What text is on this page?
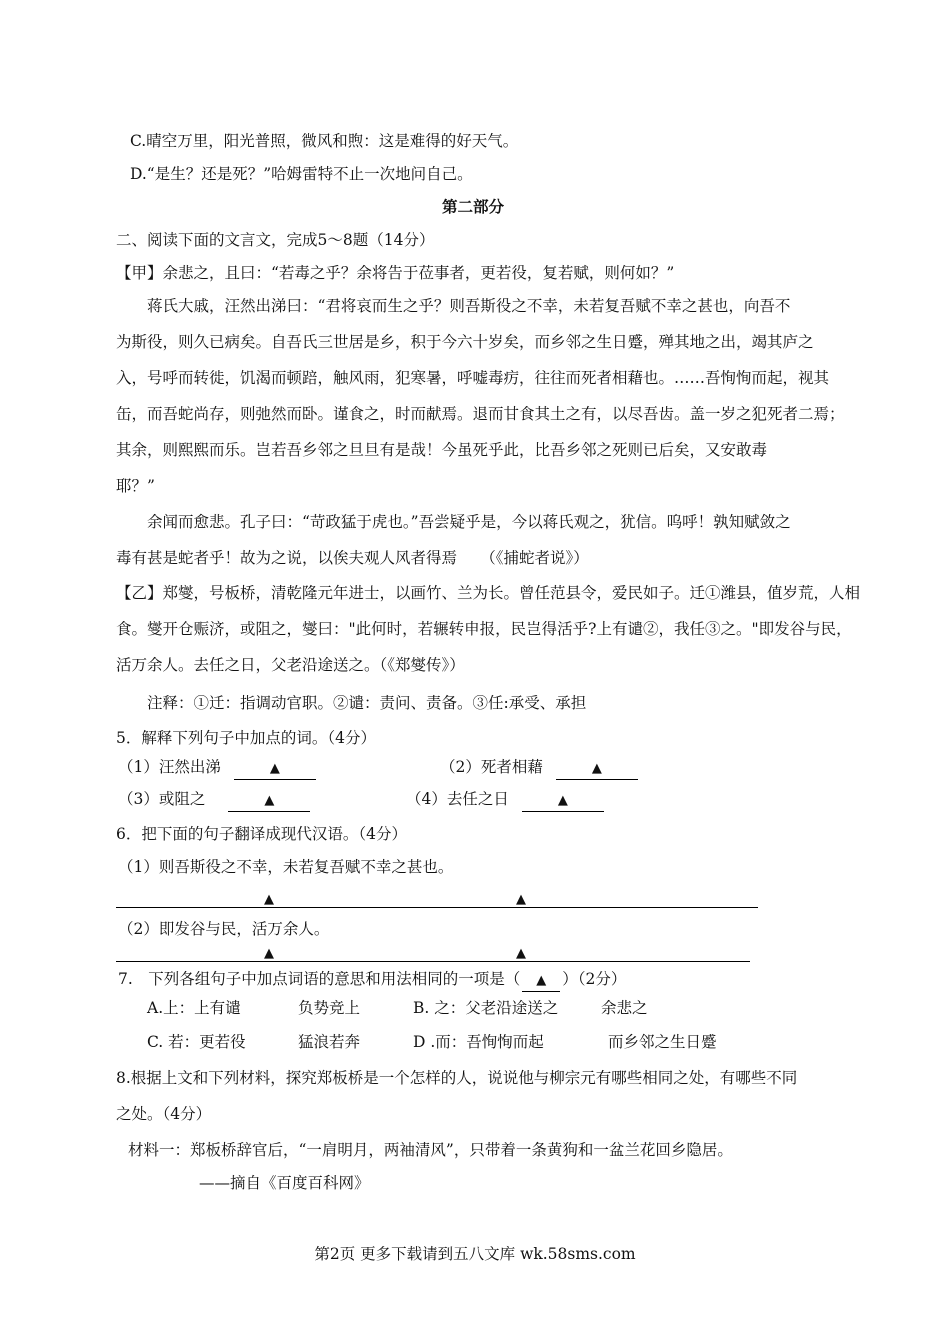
C.晴空万里，阳光普照，微风和煦：这是难得的好天气。
D.“是生？还是死？”哈姆雷特不止一次地问自己。
第二部分
二、阅读下面的文言文，完成5～8题（14分）
【甲】余悲之，且曰：“若毒之乎？余将告于莅事者，更若役，复若赋，则何如？”
蒋氏大戚，汪然出涕曰：“君将哀而生之乎？则吾斯役之不幸，未若复吾赋不幸之甚也，向吾不
为斯役，则久已病矣。自吾氏三世居是乡，积于今六十岁矣，而乡邻之生日蹙，殚其地之出，竭其庐之
入，号呼而转徙，饥渴而顿踣，触风雨，犯寒暑，呼嘘毒疠，往往而死者相藉也。……吾恂恂而起，视其
缶，而吾蛇尚存，则弛然而卧。谨食之，时而献焉。退而甘食其土之有，以尽吾齿。盖一岁之犯死者二焉；
其余，则熙熙而乐。岂若吾乡邻之旦旦有是哉！今虽死乎此，比吾乡邻之死则已后矣，又安敢毒
耶？”
余闻而愈悲。孔子曰：“苛政猛于虎也。”吾尝疑乎是，今以蒋氏观之，犹信。呜呼！孰知赋敛之
毒有甚是蛇者乎！故为之说，以俟夫观人风者得焉　　（《捕蛇者说》）
【乙】郑燮，号板桥，清乾隆元年进士，以画竹、兰为长。曾任范县令，爱民如子。迁①潍县，值岁荒，人相
食。燮开仓赈济，或阻之，燮曰："此何时，若辗转申报，民岂得活乎?上有谴②，我任③之。"即发谷与民，
活万余人。去任之日，父老沿途送之。（《郑燮传》）
注释：①迁：指调动官职。②谴：责问、责备。③任:承受、承担
5．解释下列句子中加点的词。（4分）
（1）汪然出涕	▲	（2）死者相藉	▲
（3）或阻之	▲	（4）去任之日	▲
6．把下面的句子翻译成现代汉语。（4分）
（1）则吾斯役之不幸，未若复吾赋不幸之甚也。
▲	▲
（2）即发谷与民，活万余人。
▲	▲
7.　下列各组句子中加点词语的意思和用法相同的一项是（ ▲ ）（2分）
A.上：上有谴	负势竞上	B. 之：父老沿途送之	余悲之
C. 若：更若役	猛浪若奔	D .而：吾恂恂而起	而乡邻之生日蹙
8.根据上文和下列材料，探究郑板桥是一个怎样的人，说说他与柳宗元有哪些相同之处，有哪些不同
之处。（4分）
材料一：郑板桥辞官后，“一肩明月，两袖清风”，只带着一条黄狗和一盆兰花回乡隐居。
——摘自《百度百科网》
第2页 更多下载请到五八文库 wk.58sms.com
